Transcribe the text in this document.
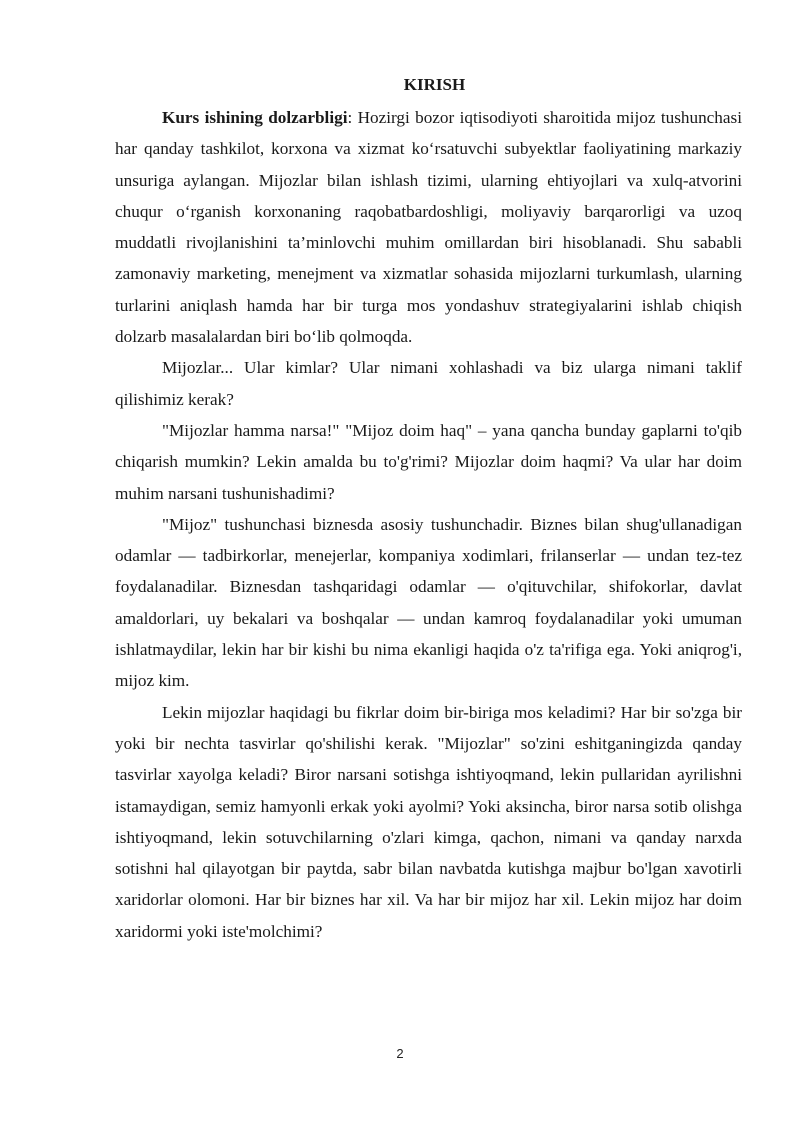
KIRISH

Kurs ishining dolzarbligi: Hozirgi bozor iqtisodiyoti sharoitida mijoz tushunchasi har qanday tashkilot, korxona va xizmat ko‘rsatuvchi subyektlar faoliyatining markaziy unsuriga aylangan. Mijozlar bilan ishlash tizimi, ularning ehtiyojlari va xulq-atvorini chuqur o‘rganish korxonaning raqobatbardoshligi, moliyaviy barqarorligi va uzoq muddatli rivojlanishini ta’minlovchi muhim omillardan biri hisoblanadi. Shu sababli zamonaviy marketing, menejment va xizmatlar sohasida mijozlarni turkumlash, ularning turlarini aniqlash hamda har bir turga mos yondashuv strategiyalarini ishlab chiqish dolzarb masalalardan biri bo‘lib qolmoqda.

Mijozlar... Ular kimlar? Ular nimani xohlashadi va biz ularga nimani taklif qilishimiz kerak?

"Mijozlar hamma narsa!" "Mijoz doim haq" – yana qancha bunday gaplarni to'qib chiqarish mumkin? Lekin amalda bu to'g'rimi? Mijozlar doim haqmi? Va ular har doim muhim narsani tushunishadimi?

"Mijoz" tushunchasi biznesda asosiy tushunchadir. Biznes bilan shug'ullanadigan odamlar — tadbirkorlar, menejerlar, kompaniya xodimlari, frilanserlar — undan tez-tez foydalanadilar. Biznesdan tashqaridagi odamlar — o'qituvchilar, shifokorlar, davlat amaldorlari, uy bekalari va boshqalar — undan kamroq foydalanadilar yoki umuman ishlatmaydilar, lekin har bir kishi bu nima ekanligi haqida o'z ta'rifiga ega. Yoki aniqrog'i, mijoz kim.

Lekin mijozlar haqidagi bu fikrlar doim bir-biriga mos keladimi? Har bir so'zga bir yoki bir nechta tasvirlar qo'shilishi kerak. "Mijozlar" so'zini eshitganingizda qanday tasvirlar xayolga keladi? Biror narsani sotishga ishtiyoqmand, lekin pullaridan ayrilishni istamaydigan, semiz hamyonli erkak yoki ayolmi? Yoki aksincha, biror narsa sotib olishga ishtiyoqmand, lekin sotuvchilarning o'zlari kimga, qachon, nimani va qanday narxda sotishni hal qilayotgan bir paytda, sabr bilan navbatda kutishga majbur bo'lgan xavotirli xaridorlar olomoni. Har bir biznes har xil. Va har bir mijoz har xil. Lekin mijoz har doim xaridormi yoki iste'molchimi?

2
